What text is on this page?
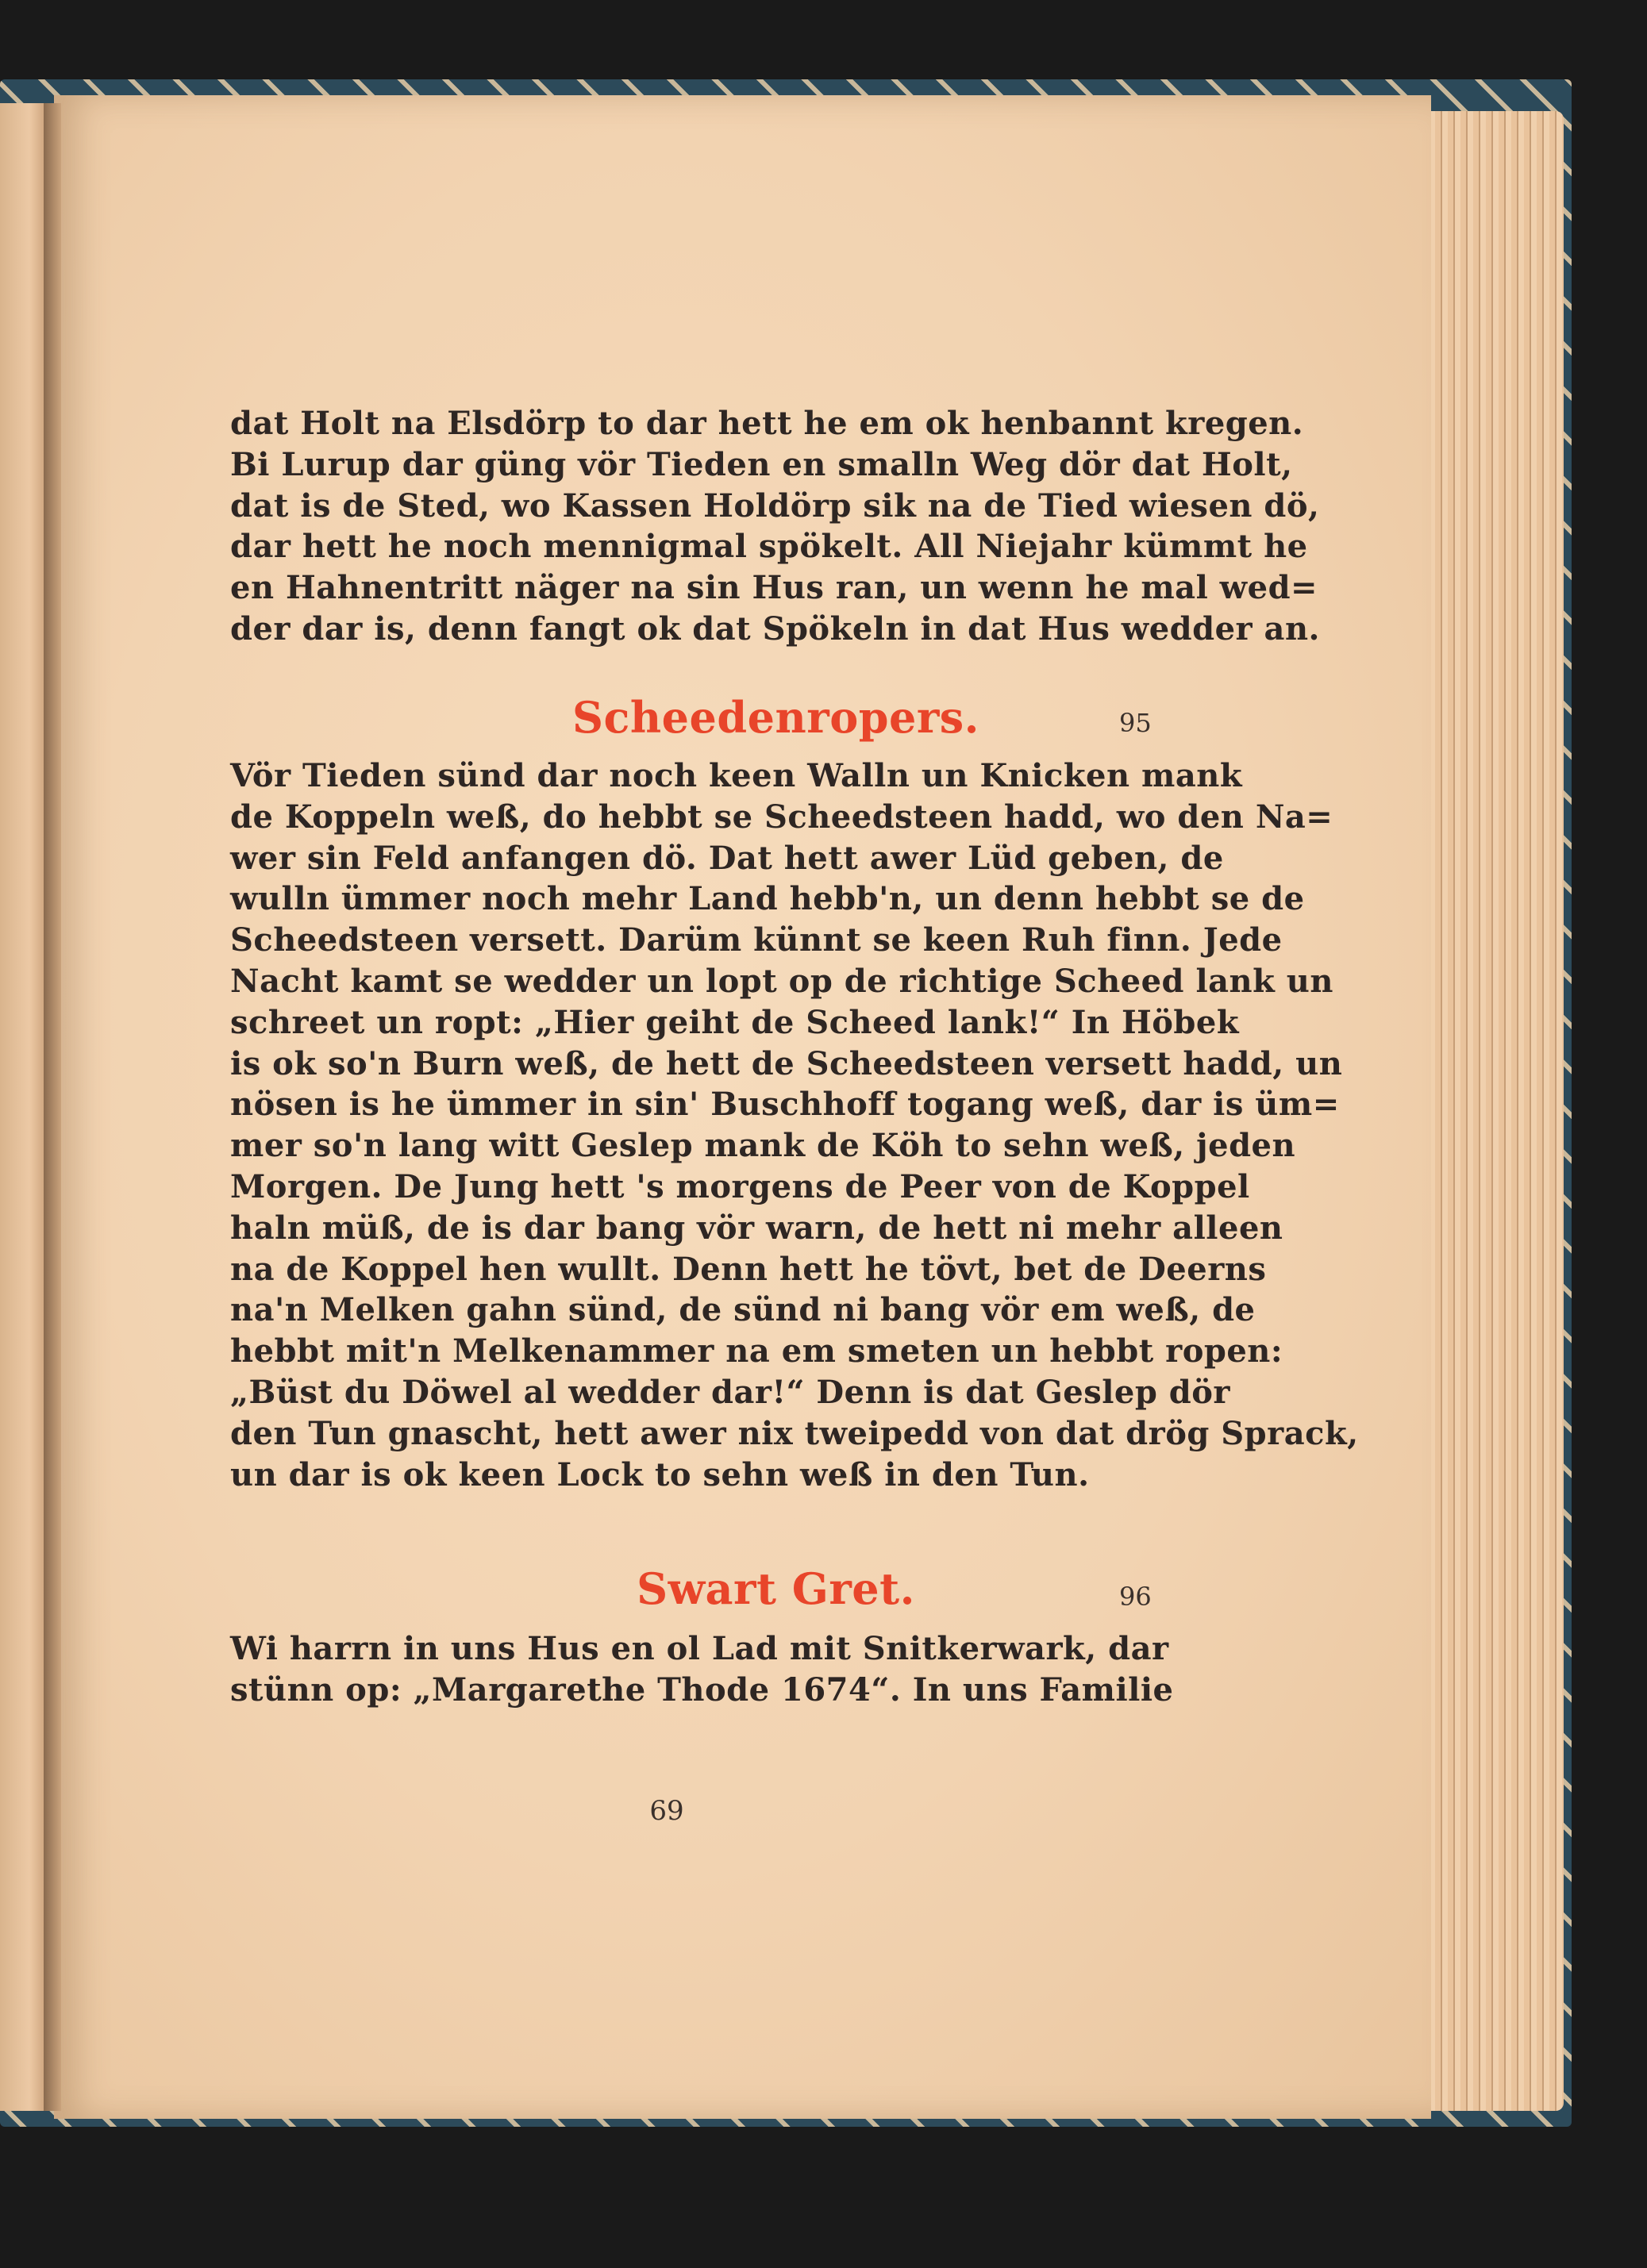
dat Holt na Elsdörp to dar hett he em ok henbannt kregen.
Bi Lurup dar güng vör Tieden en smalln Weg dör dat Holt,
dat is de Sted, wo Kassen Holdörp sik na de Tied wiesen dö,
dar hett he noch mennigmal spökelt. All Niejahr kümmt he
en Hahnentritt näger na sin Hus ran, un wenn he mal wed=
der dar is, denn fangt ok dat Spökeln in dat Hus wedder an.
Scheedenropers.	95
Vör Tieden sünd dar noch keen Walln un Knicken mank
de Koppeln weß, do hebbt se Scheedsteen hadd, wo den Na=
wer sin Feld anfangen dö. Dat hett awer Lüd geben, de
wulln ümmer noch mehr Land hebb'n, un denn hebbt se de
Scheedsteen versett. Darüm künnt se keen Ruh finn. Jede
Nacht kamt se wedder un lopt op de richtige Scheed lank un
schreet un ropt: „Hier geiht de Scheed lank!“ In Höbek
is ok so'n Burn weß, de hett de Scheedsteen versett hadd, un
nösen is he ümmer in sin' Buschhoff togang weß, dar is üm=
mer so'n lang witt Geslep mank de Köh to sehn weß, jeden
Morgen. De Jung hett 's morgens de Peer von de Koppel
haln müß, de is dar bang vör warn, de hett ni mehr alleen
na de Koppel hen wullt. Denn hett he tövt, bet de Deerns
na'n Melken gahn sünd, de sünd ni bang vör em weß, de
hebbt mit'n Melkenammer na em smeten un hebbt ropen:
„Büst du Döwel al wedder dar!“ Denn is dat Geslep dör
den Tun gnascht, hett awer nix tweipedd von dat drög Sprack,
un dar is ok keen Lock to sehn weß in den Tun.
Swart Gret.	96
Wi harrn in uns Hus en ol Lad mit Snitkerwark, dar
stünn op: „Margarethe Thode 1674“. In uns Familie
69
